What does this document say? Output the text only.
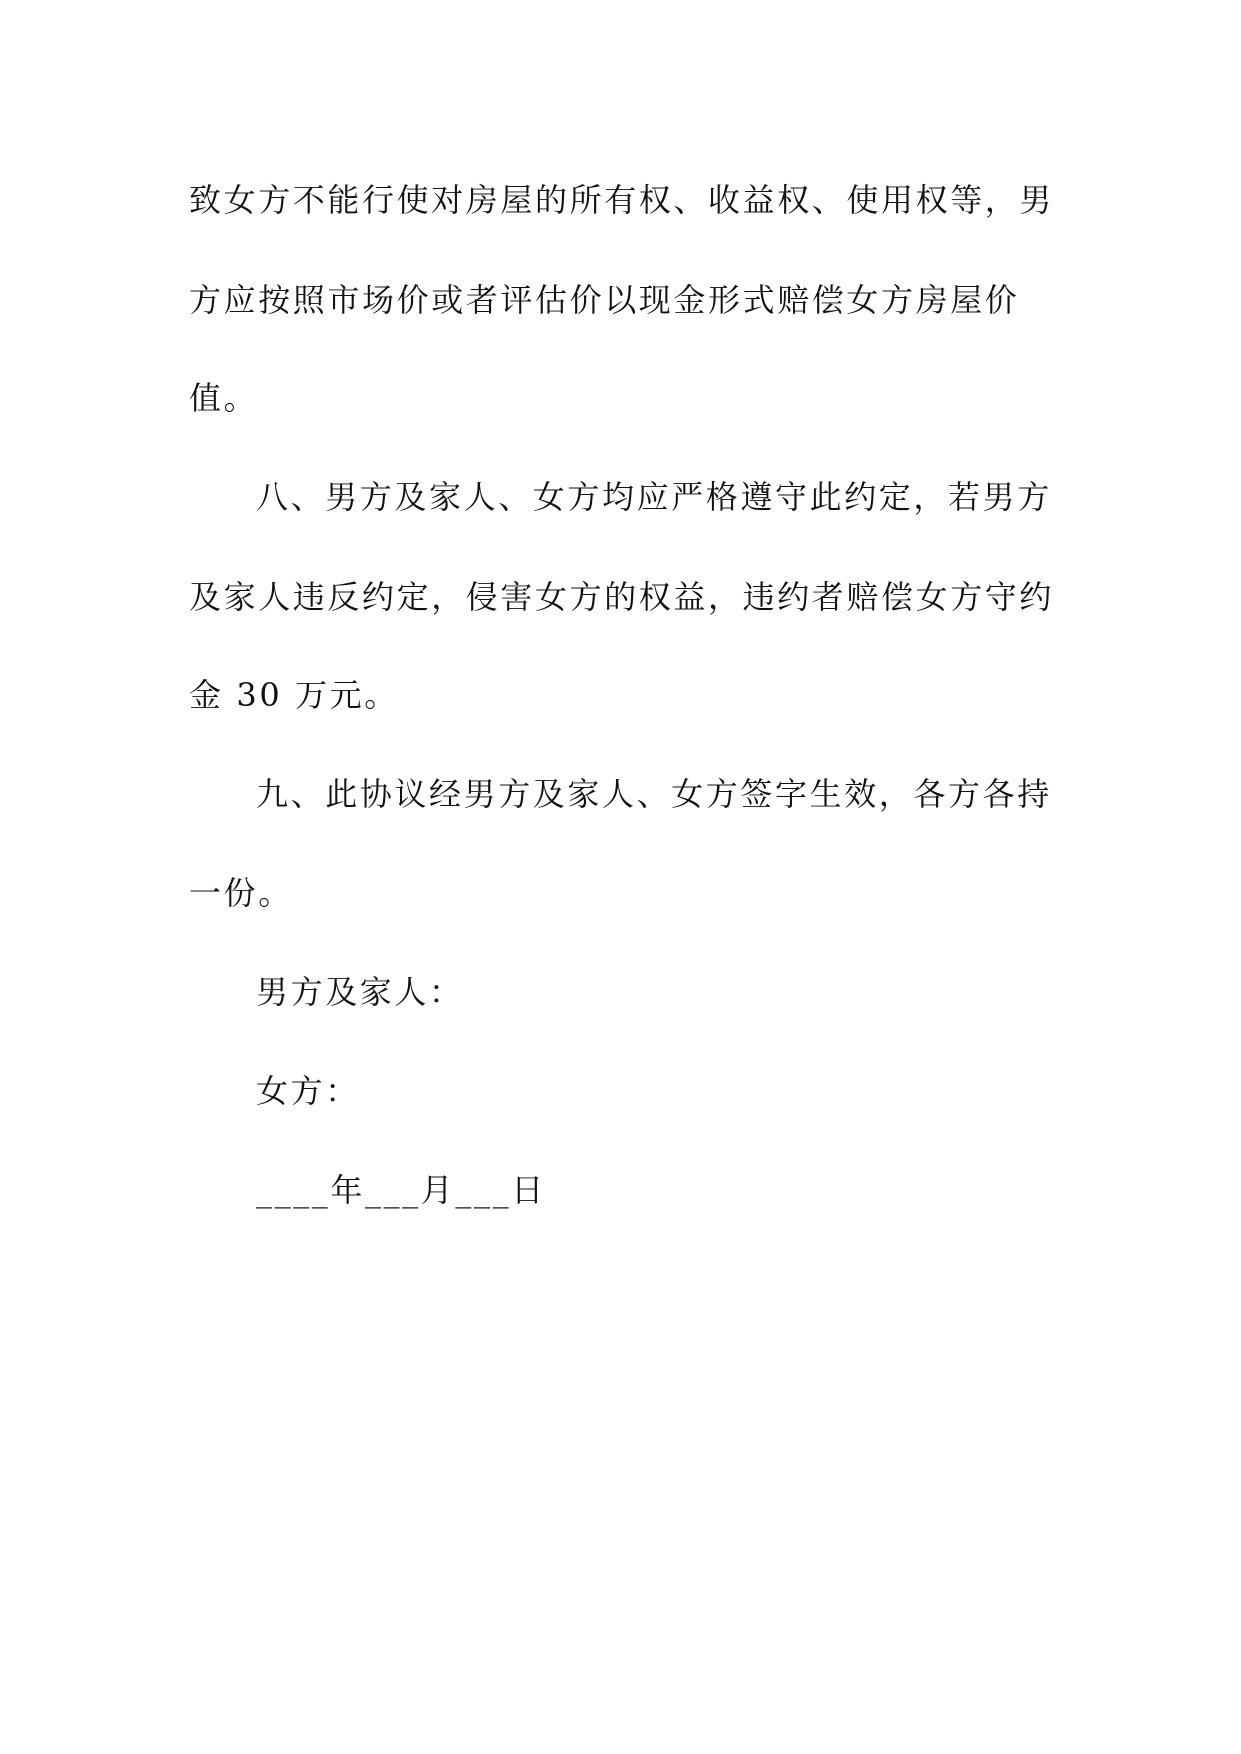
致女方不能行使对房屋的所有权、收益权、使用权等，男
方应按照市场价或者评估价以现金形式赔偿女方房屋价
值。
八、男方及家人、女方均应严格遵守此约定，若男方
及家人违反约定，侵害女方的权益，违约者赔偿女方守约
金 30 万元。
九、此协议经男方及家人、女方签字生效，各方各持
一份。
男方及家人：
女方：
____年___月___日
